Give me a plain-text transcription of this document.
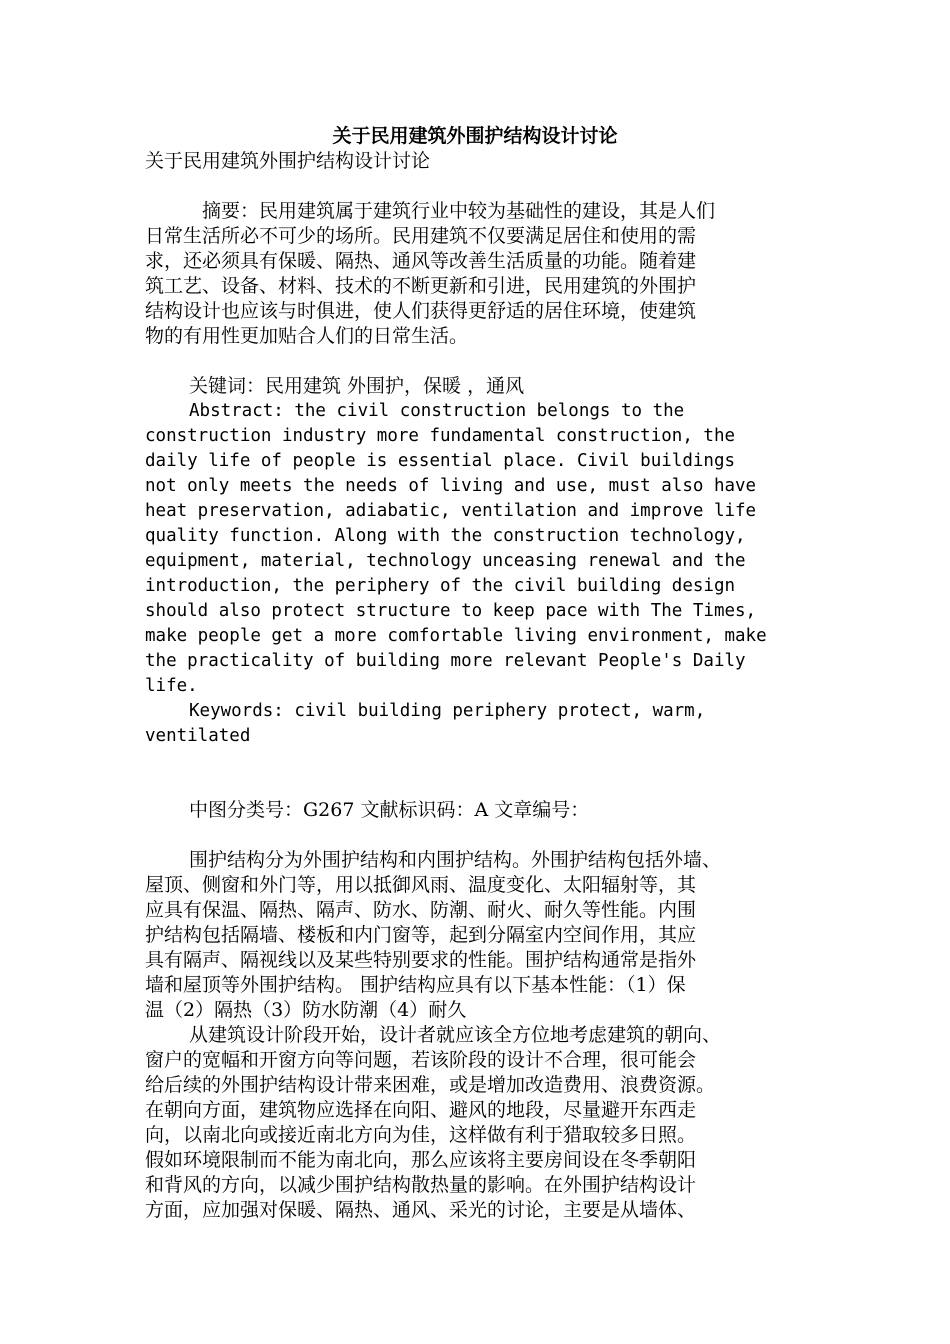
关于民用建筑外围护结构设计讨论
关于民用建筑外围护结构设计讨论
摘要：民用建筑属于建筑行业中较为基础性的建设，其是人们
日常生活所必不可少的场所。民用建筑不仅要满足居住和使用的需
求，还必须具有保暖、隔热、通风等改善生活质量的功能。随着建
筑工艺、设备、材料、技术的不断更新和引进，民用建筑的外围护
结构设计也应该与时俱进，使人们获得更舒适的居住环境，使建筑
物的有用性更加贴合人们的日常生活。
关键词：民用建筑 外围护，保暖 ，通风
Abstract: the civil construction belongs to the
construction industry more fundamental construction, the
daily life of people is essential place. Civil buildings
not only meets the needs of living and use, must also have
heat preservation, adiabatic, ventilation and improve life
quality function. Along with the construction technology,
equipment, material, technology unceasing renewal and the
introduction, the periphery of the civil building design
should also protect structure to keep pace with The Times,
make people get a more comfortable living environment, make
the practicality of building more relevant People's Daily
life.
Keywords: civil building periphery protect, warm,
ventilated
中图分类号：G267 文献标识码：A 文章编号：
围护结构分为外围护结构和内围护结构。外围护结构包括外墙、
屋顶、侧窗和外门等，用以抵御风雨、温度变化、太阳辐射等，其
应具有保温、隔热、隔声、防水、防潮、耐火、耐久等性能。内围
护结构包括隔墙、楼板和内门窗等，起到分隔室内空间作用，其应
具有隔声、隔视线以及某些特别要求的性能。围护结构通常是指外
墙和屋顶等外围护结构。 围护结构应具有以下基本性能：（1）保
温（2）隔热（3）防水防潮（4）耐久
从建筑设计阶段开始，设计者就应该全方位地考虑建筑的朝向、
窗户的宽幅和开窗方向等问题，若该阶段的设计不合理，很可能会
给后续的外围护结构设计带来困难，或是增加改造费用、浪费资源。
在朝向方面，建筑物应选择在向阳、避风的地段，尽量避开东西走
向，以南北向或接近南北方向为佳，这样做有利于猎取较多日照。
假如环境限制而不能为南北向，那么应该将主要房间设在冬季朝阳
和背风的方向，以减少围护结构散热量的影响。在外围护结构设计
方面，应加强对保暖、隔热、通风、采光的讨论，主要是从墙体、
